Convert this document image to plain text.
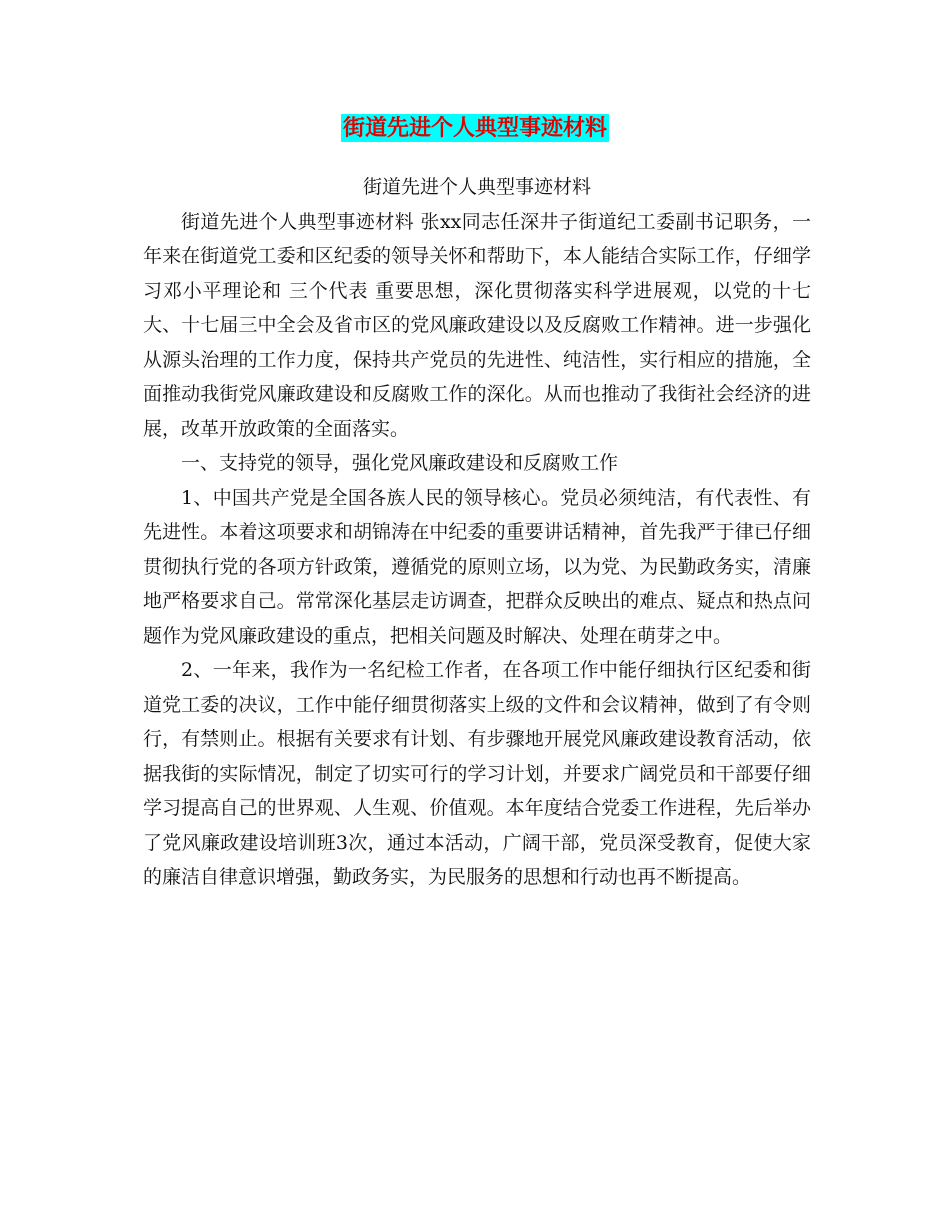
街道先进个人典型事迹材料

街道先进个人典型事迹材料

街道先进个人典型事迹材料 张xx同志任深井子街道纪工委副书记职务，一年来在街道党工委和区纪委的领导关怀和帮助下，本人能结合实际工作，仔细学习邓小平理论和 三个代表 重要思想，深化贯彻落实科学进展观，以党的十七大、十七届三中全会及省市区的党风廉政建设以及反腐败工作精神。进一步强化从源头治理的工作力度，保持共产党员的先进性、纯洁性，实行相应的措施，全面推动我街党风廉政建设和反腐败工作的深化。从而也推动了我街社会经济的进展，改革开放政策的全面落实。

一、支持党的领导，强化党风廉政建设和反腐败工作

1、中国共产党是全国各族人民的领导核心。党员必须纯洁，有代表性、有先进性。本着这项要求和胡锦涛在中纪委的重要讲话精神，首先我严于律已仔细贯彻执行党的各项方针政策，遵循党的原则立场，以为党、为民勤政务实，清廉地严格要求自己。常常深化基层走访调查，把群众反映出的难点、疑点和热点问题作为党风廉政建设的重点，把相关问题及时解决、处理在萌芽之中。

2、一年来，我作为一名纪检工作者，在各项工作中能仔细执行区纪委和街道党工委的决议，工作中能仔细贯彻落实上级的文件和会议精神，做到了有令则行，有禁则止。根据有关要求有计划、有步骤地开展党风廉政建设教育活动，依据我街的实际情况，制定了切实可行的学习计划，并要求广阔党员和干部要仔细学习提高自己的世界观、人生观、价值观。本年度结合党委工作进程，先后举办了党风廉政建设培训班3次，通过本活动，广阔干部，党员深受教育，促使大家的廉洁自律意识增强，勤政务实，为民服务的思想和行动也再不断提高。
